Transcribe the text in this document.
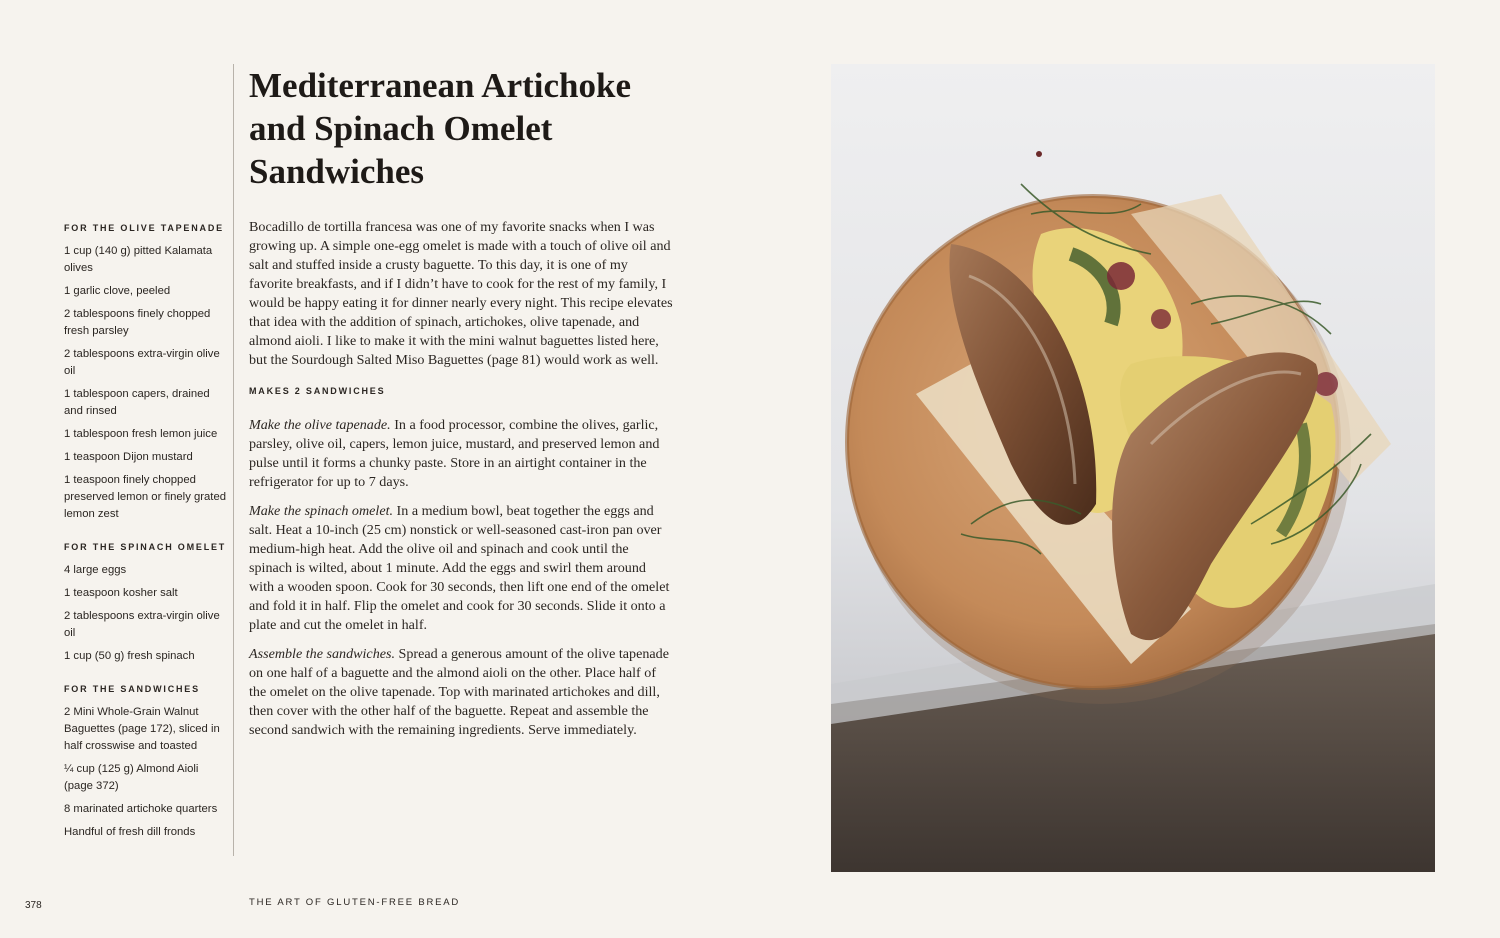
FOR THE OLIVE TAPENADE
1 cup (140 g) pitted Kalamata olives
1 garlic clove, peeled
2 tablespoons finely chopped fresh parsley
2 tablespoons extra-virgin olive oil
1 tablespoon capers, drained and rinsed
1 tablespoon fresh lemon juice
1 teaspoon Dijon mustard
1 teaspoon finely chopped preserved lemon or finely grated lemon zest
FOR THE SPINACH OMELET
4 large eggs
1 teaspoon kosher salt
2 tablespoons extra-virgin olive oil
1 cup (50 g) fresh spinach
FOR THE SANDWICHES
2 Mini Whole-Grain Walnut Baguettes (page 172), sliced in half crosswise and toasted
¼ cup (125 g) Almond Aioli (page 372)
8 marinated artichoke quarters
Handful of fresh dill fronds
Mediterranean Artichoke
and Spinach Omelet
Sandwiches

Bocadillo de tortilla francesa was one of my favorite snacks when I was growing up. A simple one-egg omelet is made with a touch of olive oil and salt and stuffed inside a crusty baguette. To this day, it is one of my favorite breakfasts, and if I didn’t have to cook for the rest of my family, I would be happy eating it for dinner nearly every night. This recipe elevates that idea with the addition of spinach, artichokes, olive tapenade, and almond aioli. I like to make it with the mini walnut baguettes listed here, but the Sourdough Salted Miso Baguettes (page 81) would work as well.

MAKES 2 SANDWICHES

Make the olive tapenade. In a food processor, combine the olives, garlic, parsley, olive oil, capers, lemon juice, mustard, and preserved lemon and pulse until it forms a chunky paste. Store in an airtight container in the refrigerator for up to 7 days.

Make the spinach omelet. In a medium bowl, beat together the eggs and salt. Heat a 10-inch (25 cm) nonstick or well-seasoned cast-iron pan over medium-high heat. Add the olive oil and spinach and cook until the spinach is wilted, about 1 minute. Add the eggs and swirl them around with a wooden spoon. Cook for 30 seconds, then lift one end of the omelet and fold it in half. Flip the omelet and cook for 30 seconds. Slide it onto a plate and cut the omelet in half.

Assemble the sandwiches. Spread a generous amount of the olive tapenade on one half of a baguette and the almond aioli on the other. Place half of the omelet on the olive tapenade. Top with marinated artichokes and dill, then cover with the other half of the baguette. Repeat and assemble the second sandwich with the remaining ingredients. Serve immediately.

378	THE ART OF GLUTEN-FREE BREAD
